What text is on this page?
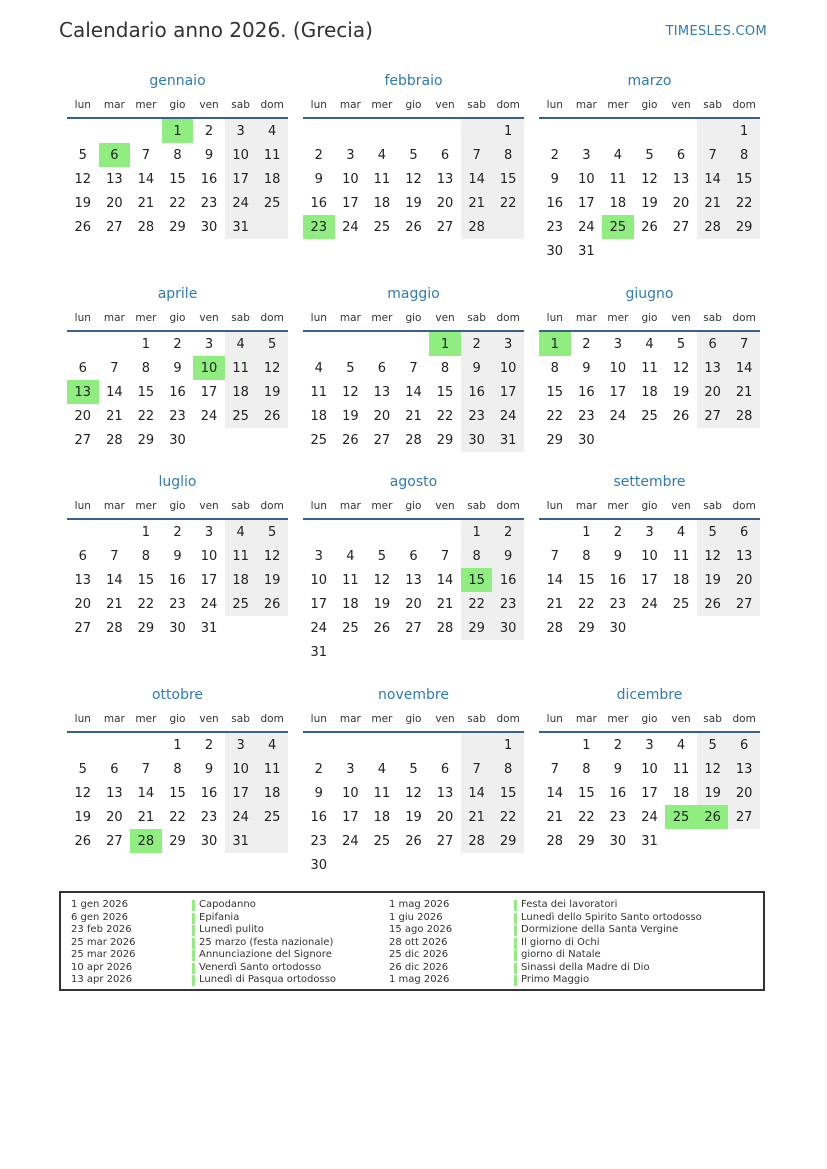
Calendario anno 2026. (Grecia)	TIMESLES.COM
gennaio
lun	mar	mer	gio	ven	sab	dom
			1	2	3	4
5	6	7	8	9	10	11
12	13	14	15	16	17	18
19	20	21	22	23	24	25
26	27	28	29	30	31	
febbraio
lun	mar	mer	gio	ven	sab	dom
						1
2	3	4	5	6	7	8
9	10	11	12	13	14	15
16	17	18	19	20	21	22
23	24	25	26	27	28	
marzo
lun	mar	mer	gio	ven	sab	dom
						1
2	3	4	5	6	7	8
9	10	11	12	13	14	15
16	17	18	19	20	21	22
23	24	25	26	27	28	29
30	31					
aprile
lun	mar	mer	gio	ven	sab	dom
		1	2	3	4	5
6	7	8	9	10	11	12
13	14	15	16	17	18	19
20	21	22	23	24	25	26
27	28	29	30			
maggio
lun	mar	mer	gio	ven	sab	dom
				1	2	3
4	5	6	7	8	9	10
11	12	13	14	15	16	17
18	19	20	21	22	23	24
25	26	27	28	29	30	31
giugno
lun	mar	mer	gio	ven	sab	dom
1	2	3	4	5	6	7
8	9	10	11	12	13	14
15	16	17	18	19	20	21
22	23	24	25	26	27	28
29	30					
luglio
lun	mar	mer	gio	ven	sab	dom
		1	2	3	4	5
6	7	8	9	10	11	12
13	14	15	16	17	18	19
20	21	22	23	24	25	26
27	28	29	30	31		
agosto
lun	mar	mer	gio	ven	sab	dom
					1	2
3	4	5	6	7	8	9
10	11	12	13	14	15	16
17	18	19	20	21	22	23
24	25	26	27	28	29	30
31						
settembre
lun	mar	mer	gio	ven	sab	dom
	1	2	3	4	5	6
7	8	9	10	11	12	13
14	15	16	17	18	19	20
21	22	23	24	25	26	27
28	29	30				
ottobre
lun	mar	mer	gio	ven	sab	dom
			1	2	3	4
5	6	7	8	9	10	11
12	13	14	15	16	17	18
19	20	21	22	23	24	25
26	27	28	29	30	31	
novembre
lun	mar	mer	gio	ven	sab	dom
						1
2	3	4	5	6	7	8
9	10	11	12	13	14	15
16	17	18	19	20	21	22
23	24	25	26	27	28	29
30						
dicembre
lun	mar	mer	gio	ven	sab	dom
	1	2	3	4	5	6
7	8	9	10	11	12	13
14	15	16	17	18	19	20
21	22	23	24	25	26	27
28	29	30	31			
1 gen 2026	Capodanno
6 gen 2026	Epifania
23 feb 2026	Lunedì pulito
25 mar 2026	25 marzo (festa nazionale)
25 mar 2026	Annunciazione del Signore
10 apr 2026	Venerdì Santo ortodosso
13 apr 2026	Lunedì di Pasqua ortodosso
1 mag 2026	Festa dei lavoratori
1 giu 2026	Lunedì dello Spirito Santo ortodosso
15 ago 2026	Dormizione della Santa Vergine
28 ott 2026	Il giorno di Ochi
25 dic 2026	giorno di Natale
26 dic 2026	Sinassi della Madre di Dio
1 mag 2026	Primo Maggio
